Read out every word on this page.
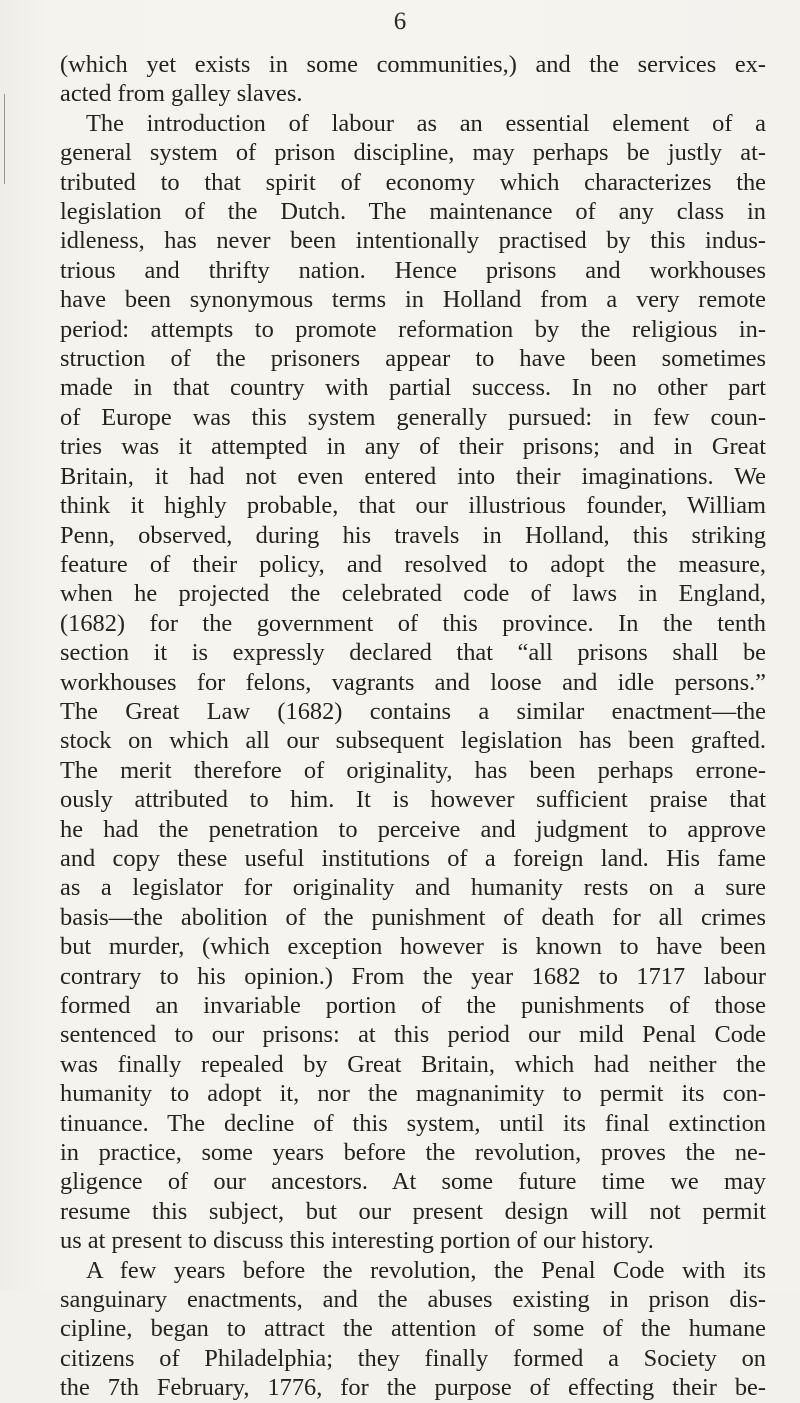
6
(which yet exists in some communities,) and the services ex-
acted from galley slaves.
The introduction of labour as an essential element of a
general system of prison discipline, may perhaps be justly at-
tributed to that spirit of economy which characterizes the
legislation of the Dutch. The maintenance of any class in
idleness, has never been intentionally practised by this indus-
trious and thrifty nation. Hence prisons and workhouses
have been synonymous terms in Holland from a very remote
period: attempts to promote reformation by the religious in-
struction of the prisoners appear to have been sometimes
made in that country with partial success. In no other part
of Europe was this system generally pursued: in few coun-
tries was it attempted in any of their prisons; and in Great
Britain, it had not even entered into their imaginations. We
think it highly probable, that our illustrious founder, William
Penn, observed, during his travels in Holland, this striking
feature of their policy, and resolved to adopt the measure,
when he projected the celebrated code of laws in England,
(1682) for the government of this province. In the tenth
section it is expressly declared that “all prisons shall be
workhouses for felons, vagrants and loose and idle persons.”
The Great Law (1682) contains a similar enactment—the
stock on which all our subsequent legislation has been grafted.
The merit therefore of originality, has been perhaps errone-
ously attributed to him. It is however sufficient praise that
he had the penetration to perceive and judgment to approve
and copy these useful institutions of a foreign land. His fame
as a legislator for originality and humanity rests on a sure
basis—the abolition of the punishment of death for all crimes
but murder, (which exception however is known to have been
contrary to his opinion.) From the year 1682 to 1717 labour
formed an invariable portion of the punishments of those
sentenced to our prisons: at this period our mild Penal Code
was finally repealed by Great Britain, which had neither the
humanity to adopt it, nor the magnanimity to permit its con-
tinuance. The decline of this system, until its final extinction
in practice, some years before the revolution, proves the ne-
gligence of our ancestors. At some future time we may
resume this subject, but our present design will not permit
us at present to discuss this interesting portion of our history.
A few years before the revolution, the Penal Code with its
sanguinary enactments, and the abuses existing in prison dis-
cipline, began to attract the attention of some of the humane
citizens of Philadelphia; they finally formed a Society on
the 7th February, 1776, for the purpose of effecting their be-
